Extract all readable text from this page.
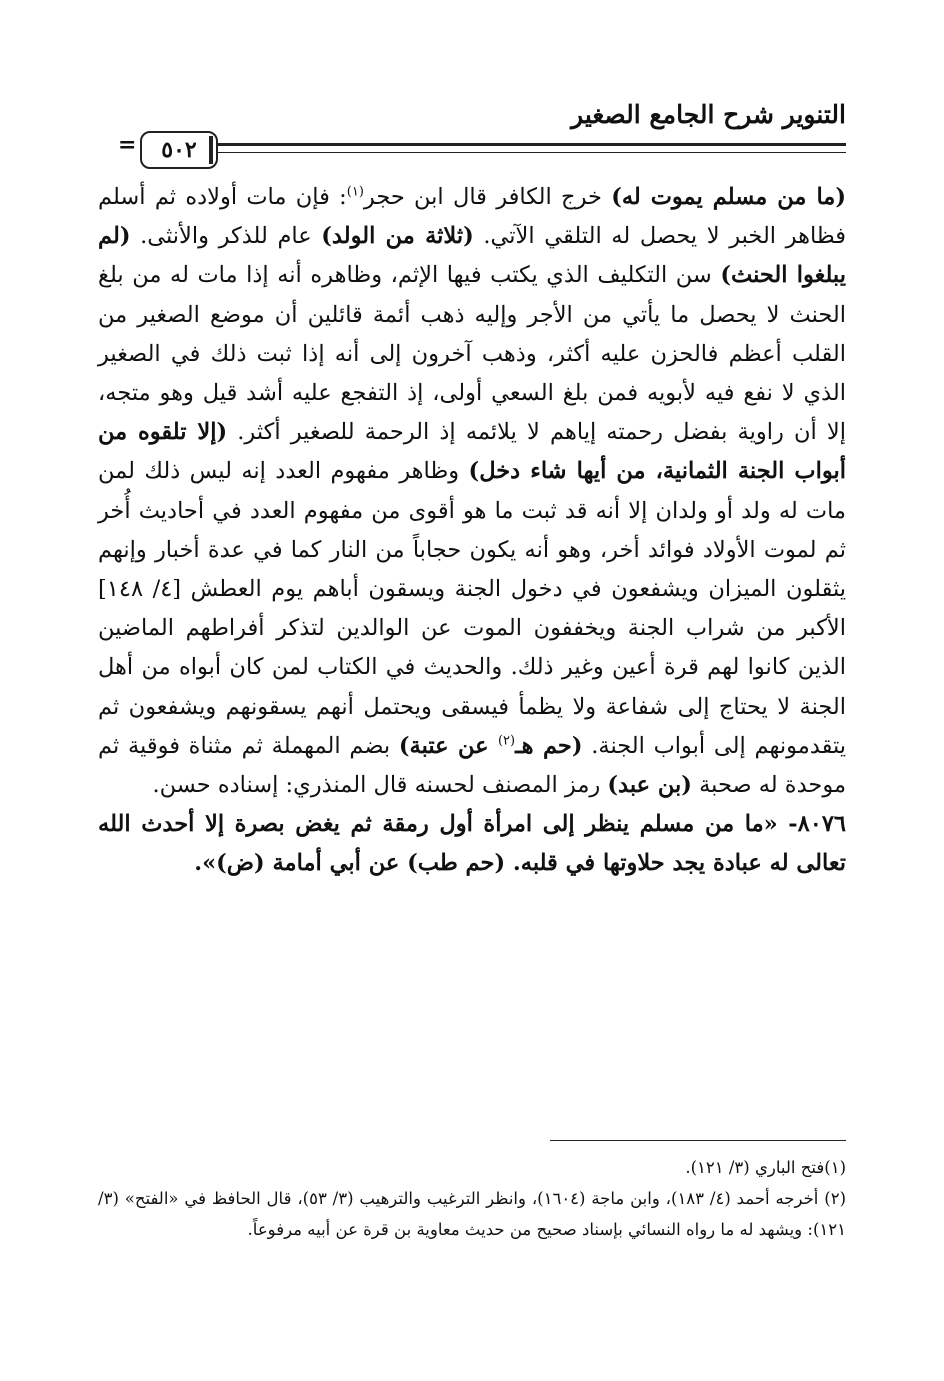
التنوير شرح الجامع الصغير
٥٠٢
=

(ما من مسلم يموت له) خرج الكافر قال ابن حجر$^{(١)}$: فإن مات أولاده ثم أسلم فظاهر الخبر لا يحصل له التلقي الآتي. (ثلاثة من الولد) عام للذكر والأنثى. (لم يبلغوا الحنث) سن التكليف الذي يكتب فيها الإثم، وظاهره أنه إذا مات له من بلغ الحنث لا يحصل ما يأتي من الأجر وإليه ذهب أئمة قائلين أن موضع الصغير من القلب أعظم فالحزن عليه أكثر، وذهب آخرون إلى أنه إذا ثبت ذلك في الصغير الذي لا نفع فيه لأبويه فمن بلغ السعي أولى، إذ التفجع عليه أشد قيل وهو متجه، إلا أن راوية بفضل رحمته إياهم لا يلائمه إذ الرحمة للصغير أكثر. (إلا تلقوه من أبواب الجنة الثمانية، من أيها شاء دخل) وظاهر مفهوم العدد إنه ليس ذلك لمن مات له ولد أو ولدان إلا أنه قد ثبت ما هو أقوى من مفهوم العدد في أحاديث أُخر ثم لموت الأولاد فوائد أخر، وهو أنه يكون حجاباً من النار كما في عدة أخبار وإنهم يثقلون الميزان ويشفعون في دخول الجنة ويسقون أباهم يوم العطش [٤/ ١٤٨] الأكبر من شراب الجنة ويخففون الموت عن الوالدين لتذكر أفراطهم الماضين الذين كانوا لهم قرة أعين وغير ذلك. والحديث في الكتاب لمن كان أبواه من أهل الجنة لا يحتاج إلى شفاعة ولا يظمأ فيسقى ويحتمل أنهم يسقونهم ويشفعون ثم يتقدمونهم إلى أبواب الجنة. (حم هـ$^{(٢)}$ عن عتبة) بضم المهملة ثم مثناة فوقية ثم موحدة له صحبة (بن عبد) رمز المصنف لحسنه قال المنذري: إسناده حسن.

٨٠٧٦- «ما من مسلم ينظر إلى امرأة أول رمقة ثم يغض بصرة إلا أحدث الله تعالى له عبادة يجد حلاوتها في قلبه. (حم طب) عن أبي أمامة (ض)».

(١)فتح الباري (٣/ ١٢١).

(٢) أخرجه أحمد (٤/ ١٨٣)، وابن ماجة (١٦٠٤)، وانظر الترغيب والترهيب (٣/ ٥٣)، قال الحافظ في «الفتح» (٣/ ١٢١): ويشهد له ما رواه النسائي بإسناد صحيح من حديث معاوية بن قرة عن أبيه مرفوعاً.
